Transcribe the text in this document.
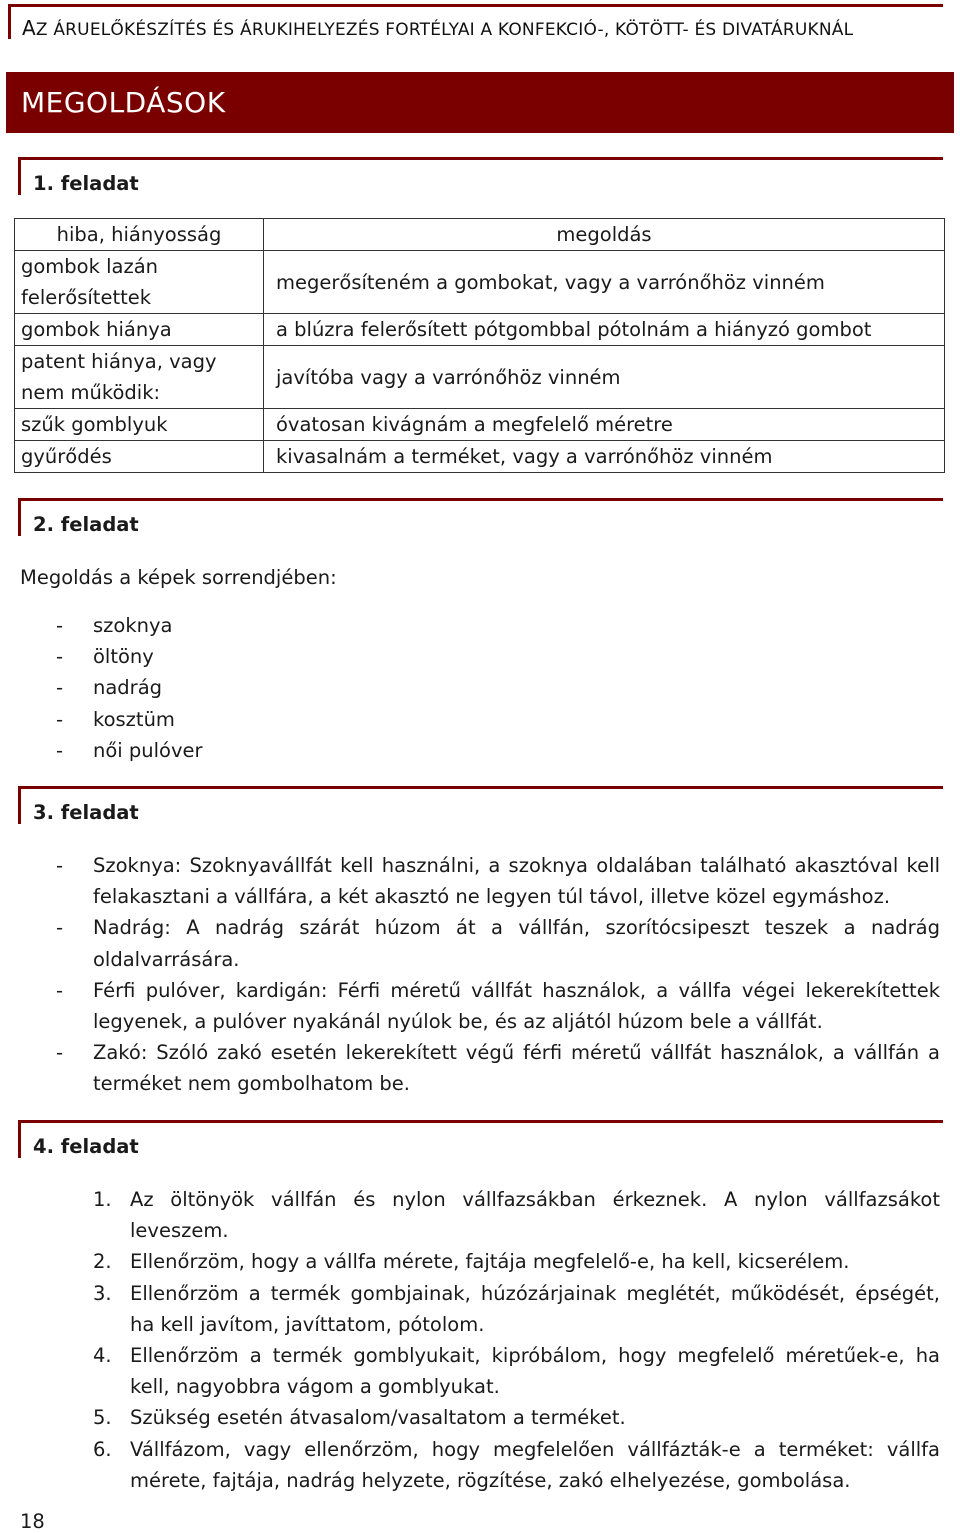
AZ ÁRUELŐKÉSZÍTÉS ÉS ÁRUKIHELYEZÉS FORTÉLYAI A KONFEKCIÓ-, KÖTÖTT- ÉS DIVATÁRUKNÁL
MEGOLDÁSOK
1. feladat
hiba, hiányosság	megoldás
gombok lazán felerősítettek	megerősíteném a gombokat, vagy a varrónőhöz vinném
gombok hiánya	a blúzra felerősített pótgombbal pótolnám a hiányzó gombot
patent hiánya, vagy nem működik:	javítóba vagy a varrónőhöz vinném
szűk gomblyuk	óvatosan kivágnám a megfelelő méretre
gyűrődés	kivasalnám a terméket, vagy a varrónőhöz vinném
2. feladat
Megoldás a képek sorrendjében:
- szoknya
- öltöny
- nadrág
- kosztüm
- női pulóver
3. feladat
- Szoknya: Szoknyavállfát kell használni, a szoknya oldalában található akasztóval kell felakasztani a vállfára, a két akasztó ne legyen túl távol, illetve közel egymáshoz.
- Nadrág: A nadrág szárát húzom át a vállfán, szorítócsipeszt teszek a nadrág oldalvarrására.
- Férfi pulóver, kardigán: Férfi méretű vállfát használok, a vállfa végei lekerekítettek legyenek, a pulóver nyakánál nyúlok be, és az aljától húzom bele a vállfát.
- Zakó: Szóló zakó esetén lekerekített végű férfi méretű vállfát használok, a vállfán a terméket nem gombolhatom be.
4. feladat
1. Az öltönyök vállfán és nylon vállfazsákban érkeznek. A nylon vállfazsákot leveszem.
2. Ellenőrzöm, hogy a vállfa mérete, fajtája megfelelő-e, ha kell, kicserélem.
3. Ellenőrzöm a termék gombjainak, húzózárjainak meglétét, működését, épségét, ha kell javítom, javíttatom, pótolom.
4. Ellenőrzöm a termék gomblyukait, kipróbálom, hogy megfelelő méretűek-e, ha kell, nagyobbra vágom a gomblyukat.
5. Szükség esetén átvasalom/vasaltatom a terméket.
6. Vállfázom, vagy ellenőrzöm, hogy megfelelően vállfázták-e a terméket: vállfa mérete, fajtája, nadrág helyzete, rögzítése, zakó elhelyezése, gombolása.
18
